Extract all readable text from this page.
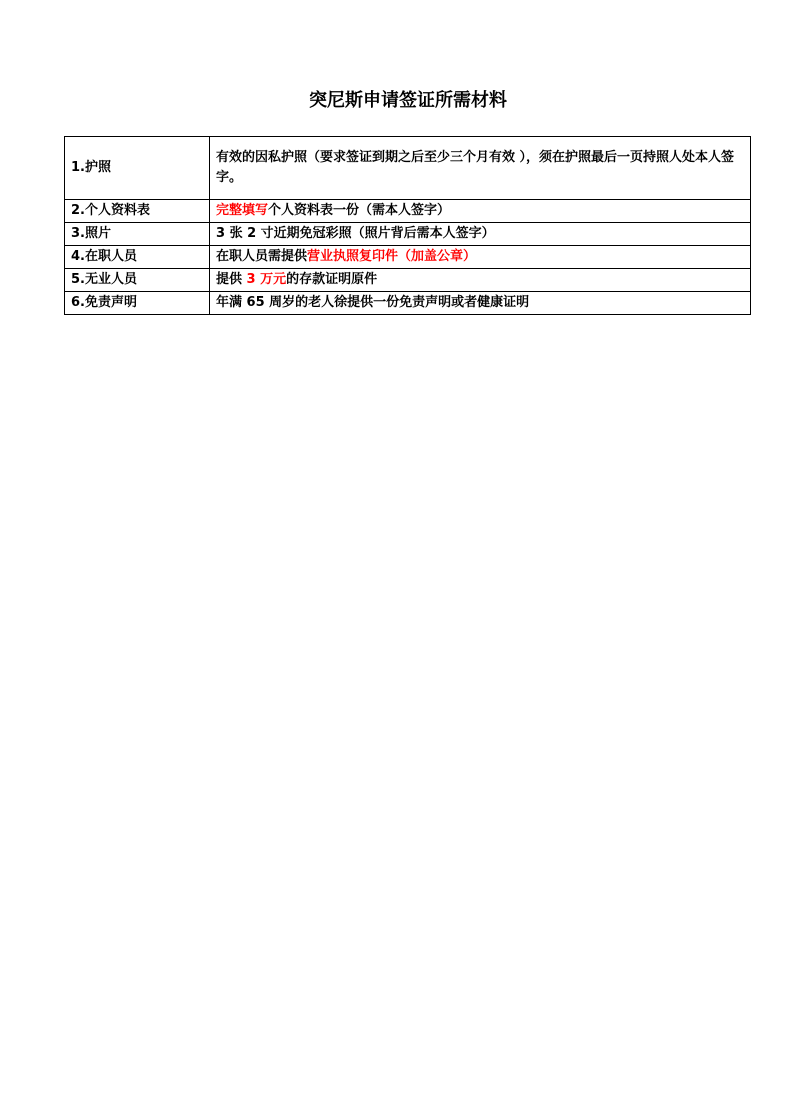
突尼斯申请签证所需材料
1.护照	有效的因私护照（要求签证到期之后至少三个月有效 ），须在护照最后一页持照人处本人签字。
2.个人资料表	完整填写个人资料表一份（需本人签字）
3.照片	3 张 2 寸近期免冠彩照（照片背后需本人签字）
4.在职人员	在职人员需提供营业执照复印件（加盖公章）
5.无业人员	提供 3 万元的存款证明原件
6.免责声明	年满 65 周岁的老人徐提供一份免责声明或者健康证明
